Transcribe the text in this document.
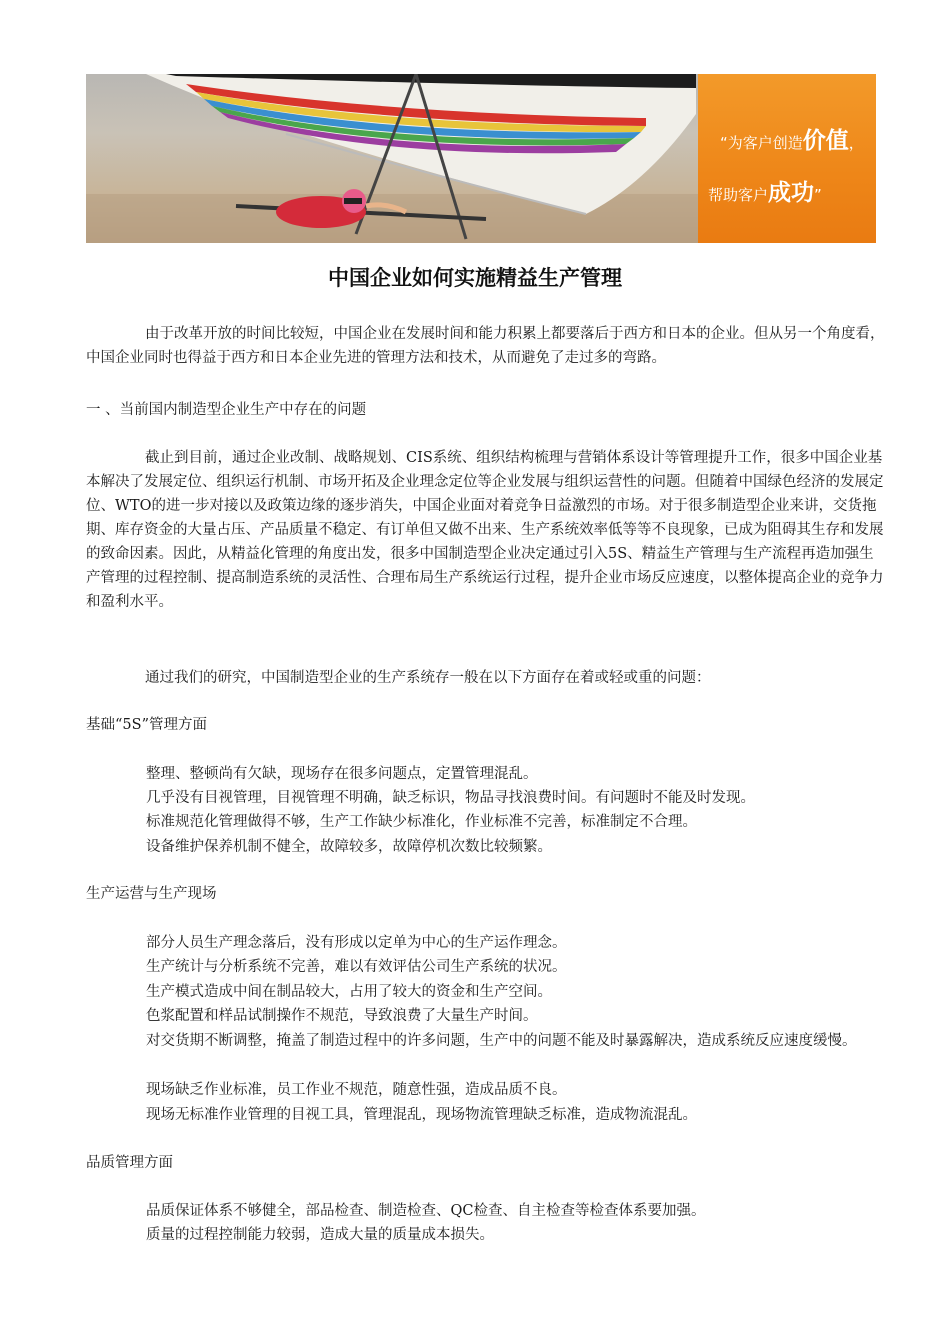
“为客户创造价值，
帮助客户成功”
中国企业如何实施精益生产管理
由于改革开放的时间比较短，中国企业在发展时间和能力积累上都要落后于西方和日本的企业。但从另一个角度看，中国企业同时也得益于西方和日本企业先进的管理方法和技术，从而避免了走过多的弯路。
一 、当前国内制造型企业生产中存在的问题
截止到目前，通过企业改制、战略规划、CIS系统、组织结构梳理与营销体系设计等管理提升工作，很多中国企业基本解决了发展定位、组织运行机制、市场开拓及企业理念定位等企业发展与组织运营性的问题。但随着中国绿色经济的发展定位、WTO的进一步对接以及政策边缘的逐步消失，中国企业面对着竞争日益激烈的市场。对于很多制造型企业来讲，交货拖期、库存资金的大量占压、产品质量不稳定、有订单但又做不出来、生产系统效率低等等不良现象，已成为阻碍其生存和发展的致命因素。因此，从精益化管理的角度出发，很多中国制造型企业决定通过引入5S、精益生产管理与生产流程再造加强生产管理的过程控制、提高制造系统的灵活性、合理布局生产系统运行过程，提升企业市场反应速度，以整体提高企业的竞争力和盈利水平。
通过我们的研究，中国制造型企业的生产系统存一般在以下方面存在着或轻或重的问题：
基础“5S”管理方面
整理、整顿尚有欠缺，现场存在很多问题点，定置管理混乱。
几乎没有目视管理，目视管理不明确，缺乏标识，物品寻找浪费时间。有问题时不能及时发现。
标准规范化管理做得不够，生产工作缺少标准化，作业标准不完善，标准制定不合理。
设备维护保养机制不健全，故障较多，故障停机次数比较频繁。
生产运营与生产现场
部分人员生产理念落后，没有形成以定单为中心的生产运作理念。
生产统计与分析系统不完善，难以有效评估公司生产系统的状况。
生产模式造成中间在制品较大，占用了较大的资金和生产空间。
色浆配置和样品试制操作不规范，导致浪费了大量生产时间。
对交货期不断调整，掩盖了制造过程中的许多问题，生产中的问题不能及时暴露解决，造成系统反应速度缓慢。
现场缺乏作业标准，员工作业不规范，随意性强，造成品质不良。
现场无标准作业管理的目视工具，管理混乱，现场物流管理缺乏标准，造成物流混乱。
品质管理方面
品质保证体系不够健全，部品检查、制造检查、QC检查、自主检查等检查体系要加强。
质量的过程控制能力较弱，造成大量的质量成本损失。
